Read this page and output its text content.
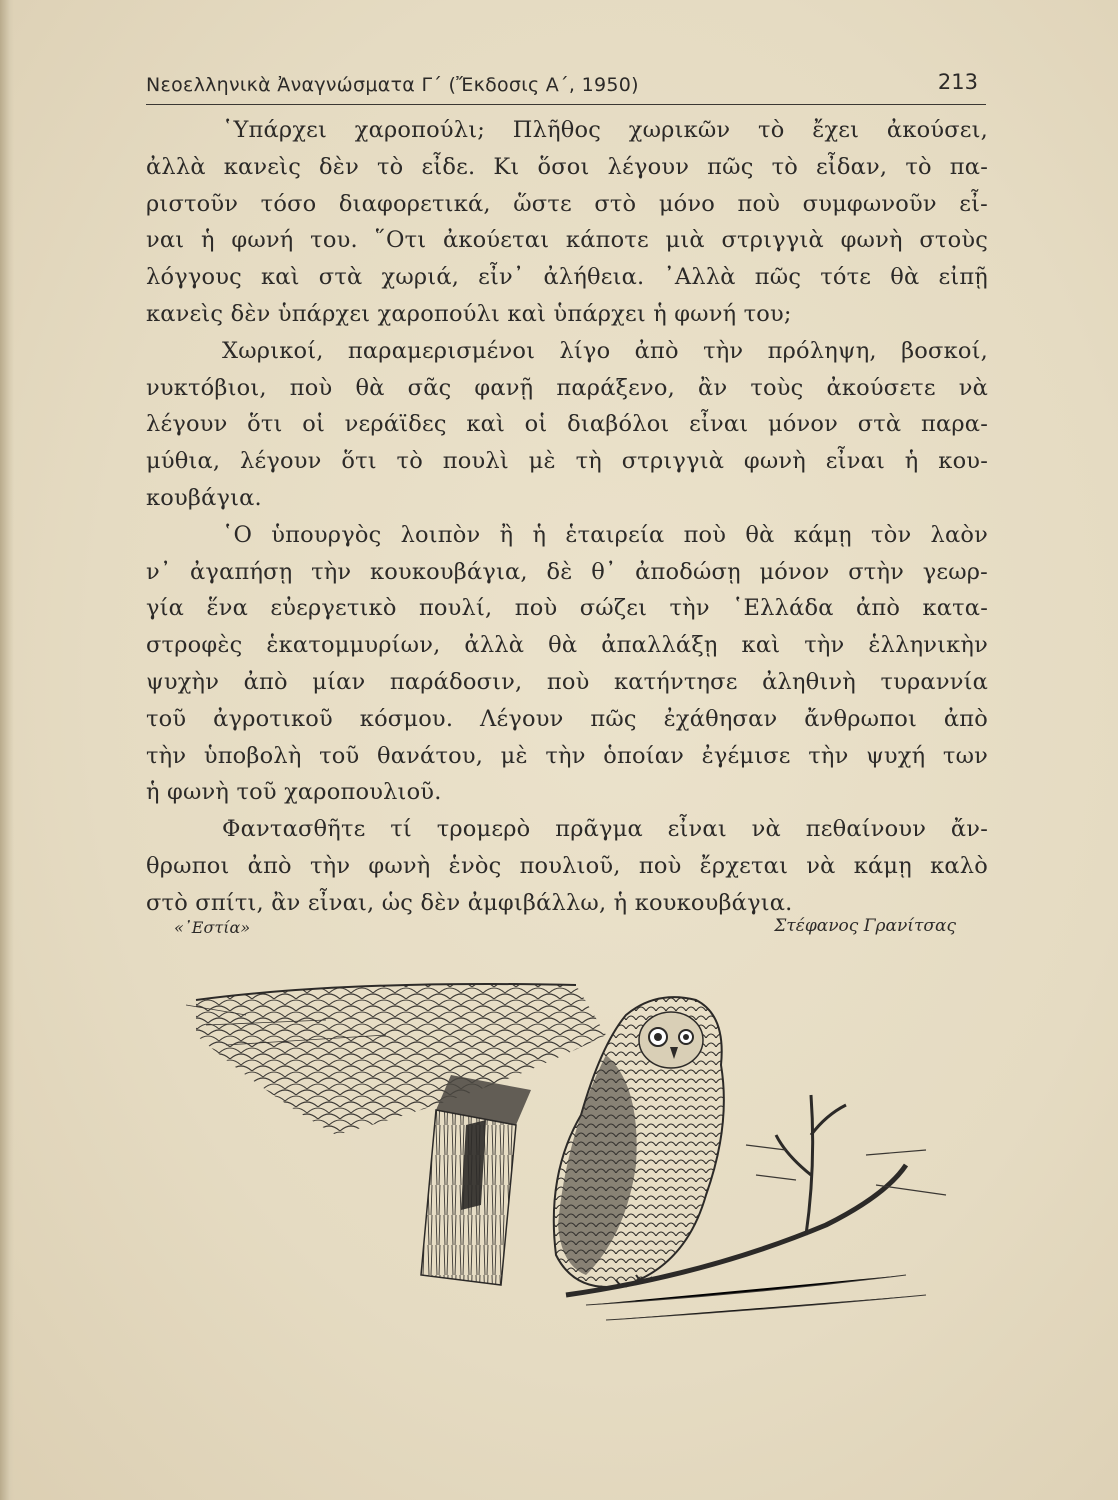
Νεοελληνικὰ Ἀναγνώσματα Γ΄ (Ἔκδοσις Α΄, 1950)	213
῾Υπάρχει χαροπούλι; Πλῆθος χωρικῶν τὸ ἔχει ἀκούσει,
ἀλλὰ κανεὶς δὲν τὸ εἶδε. Κι ὅσοι λέγουν πῶς τὸ εἶδαν, τὸ πα-
ριστοῦν τόσο διαφορετικά, ὥστε στὸ μόνο ποὺ συμφωνοῦν εἶ-
ναι ἡ φωνή του. ῞Οτι ἀκούεται κάποτε μιὰ στριγγιὰ φωνὴ στοὺς
λόγγους καὶ στὰ χωριά, εἶν᾽ ἀλήθεια. ᾽Αλλὰ πῶς τότε θὰ εἰπῇ
κανεὶς δὲν ὑπάρχει χαροπούλι καὶ ὑπάρχει ἡ φωνή του;
Χωρικοί, παραμερισμένοι λίγο ἀπὸ τὴν πρόληψη, βοσκοί,
νυκτόβιοι, ποὺ θὰ σᾶς φανῇ παράξενο, ἂν τοὺς ἀκούσετε νὰ
λέγουν ὅτι οἱ νεράϊδες καὶ οἱ διαβόλοι εἶναι μόνον στὰ παρα-
μύθια, λέγουν ὅτι τὸ πουλὶ μὲ τὴ στριγγιὰ φωνὴ εἶναι ἡ κου-
κουβάγια.
῾Ο ὑπουργὸς λοιπὸν ἢ ἡ ἑταιρεία ποὺ θὰ κάμῃ τὸν λαὸν
ν᾽ ἀγαπήσῃ τὴν κουκουβάγια, δὲ θ᾽ ἀποδώσῃ μόνον στὴν γεωρ-
γία ἕνα εὐεργετικὸ πουλί, ποὺ σώζει τὴν ῾Ελλάδα ἀπὸ κατα-
στροφὲς ἑκατομμυρίων, ἀλλὰ θὰ ἀπαλλάξῃ καὶ τὴν ἑλληνικὴν
ψυχὴν ἀπὸ μίαν παράδοσιν, ποὺ κατήντησε ἀληθινὴ τυραννία
τοῦ ἀγροτικοῦ κόσμου. Λέγουν πῶς ἐχάθησαν ἄνθρωποι ἀπὸ
τὴν ὑποβολὴ τοῦ θανάτου, μὲ τὴν ὁποίαν ἐγέμισε τὴν ψυχή των
ἡ φωνὴ τοῦ χαροπουλιοῦ.
Φαντασθῆτε τί τρομερὸ πρᾶγμα εἶναι νὰ πεθαίνουν ἄν-
θρωποι ἀπὸ τὴν φωνὴ ἑνὸς πουλιοῦ, ποὺ ἔρχεται νὰ κάμῃ καλὸ
στὸ σπίτι, ἂν εἶναι, ὡς δὲν ἀμφιβάλλω, ἡ κουκουβάγια.
«᾽Εστία»	Στέφανος Γρανίτσας
